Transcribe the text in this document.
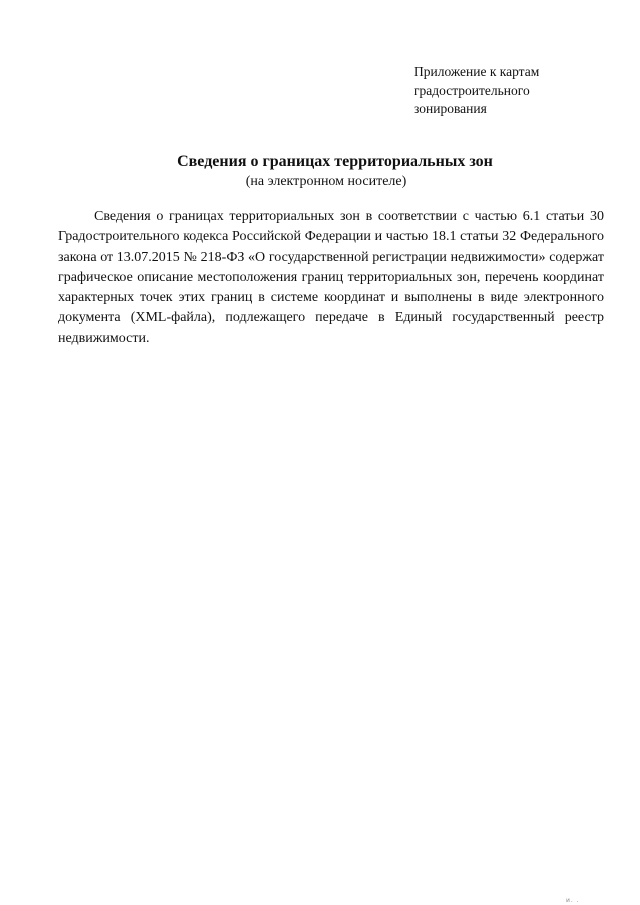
· ·
Приложение к картам
градостроительного
зонирования
Сведения о границах территориальных зон
(на электронном носителе)

Сведения о границах территориальных зон в соответствии с частью 6.1 статьи 30 Градостроительного кодекса Российской Федерации и частью 18.1 статьи 32 Федерального закона от 13.07.2015 № 218-ФЗ «О государственной регистрации недвижимости» содержат графическое описание местоположения границ территориальных зон, перечень координат характерных точек этих границ в системе координат и выполнены в виде электронного документа (XML-файла), подлежащего передаче в Единый государственный реестр недвижимости.

и. .
